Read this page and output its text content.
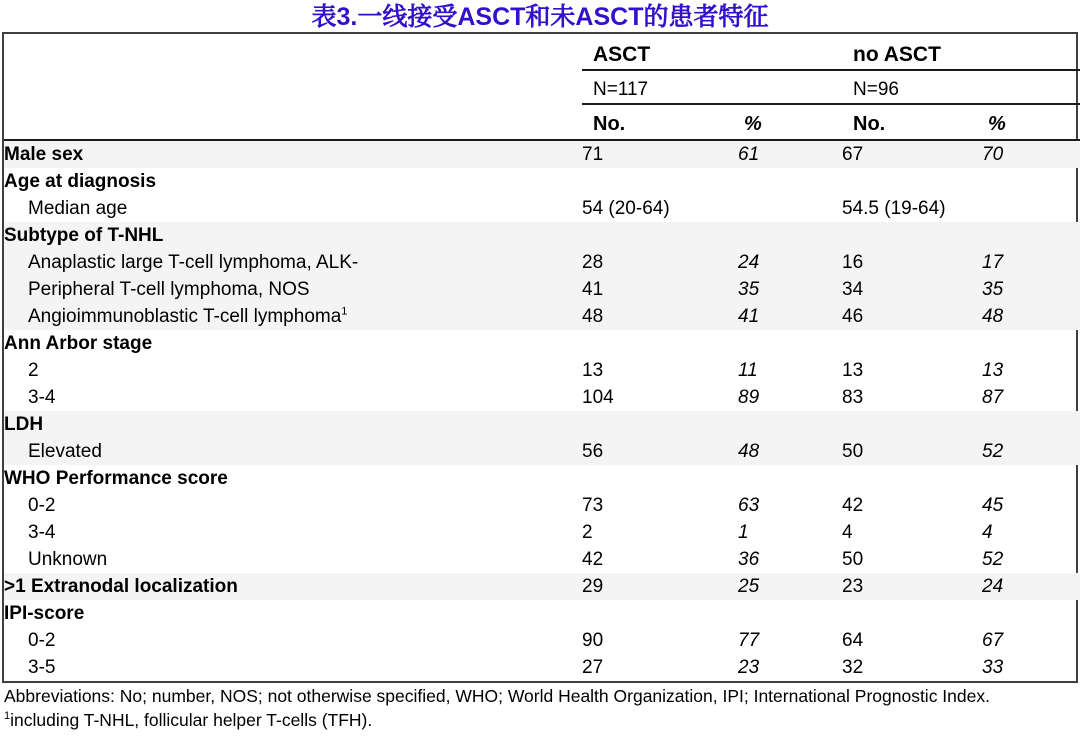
表3.一线接受ASCT和未ASCT的患者特征
	ASCT		no ASCT	
	N=117		N=96	
	No.	%	No.	%
Male sex	71	61	67	70
Age at diagnosis				
Median age	54 (20-64)		54.5 (19-64)	
Subtype of T-NHL				
Anaplastic large T-cell lymphoma, ALK-	28	24	16	17
Peripheral T-cell lymphoma, NOS	41	35	34	35
Angioimmunoblastic T-cell lymphoma$^1$	48	41	46	48
Ann Arbor stage				
2	13	11	13	13
3-4	104	89	83	87
LDH				
Elevated	56	48	50	52
WHO Performance score				
0-2	73	63	42	45
3-4	2	1	4	4
Unknown	42	36	50	52
>1 Extranodal localization	29	25	23	24
IPI-score				
0-2	90	77	64	67
3-5	27	23	32	33
Abbreviations: No; number, NOS; not otherwise specified, WHO; World Health Organization, IPI; International Prognostic Index.
$^1$including T-NHL, follicular helper T-cells (TFH).
